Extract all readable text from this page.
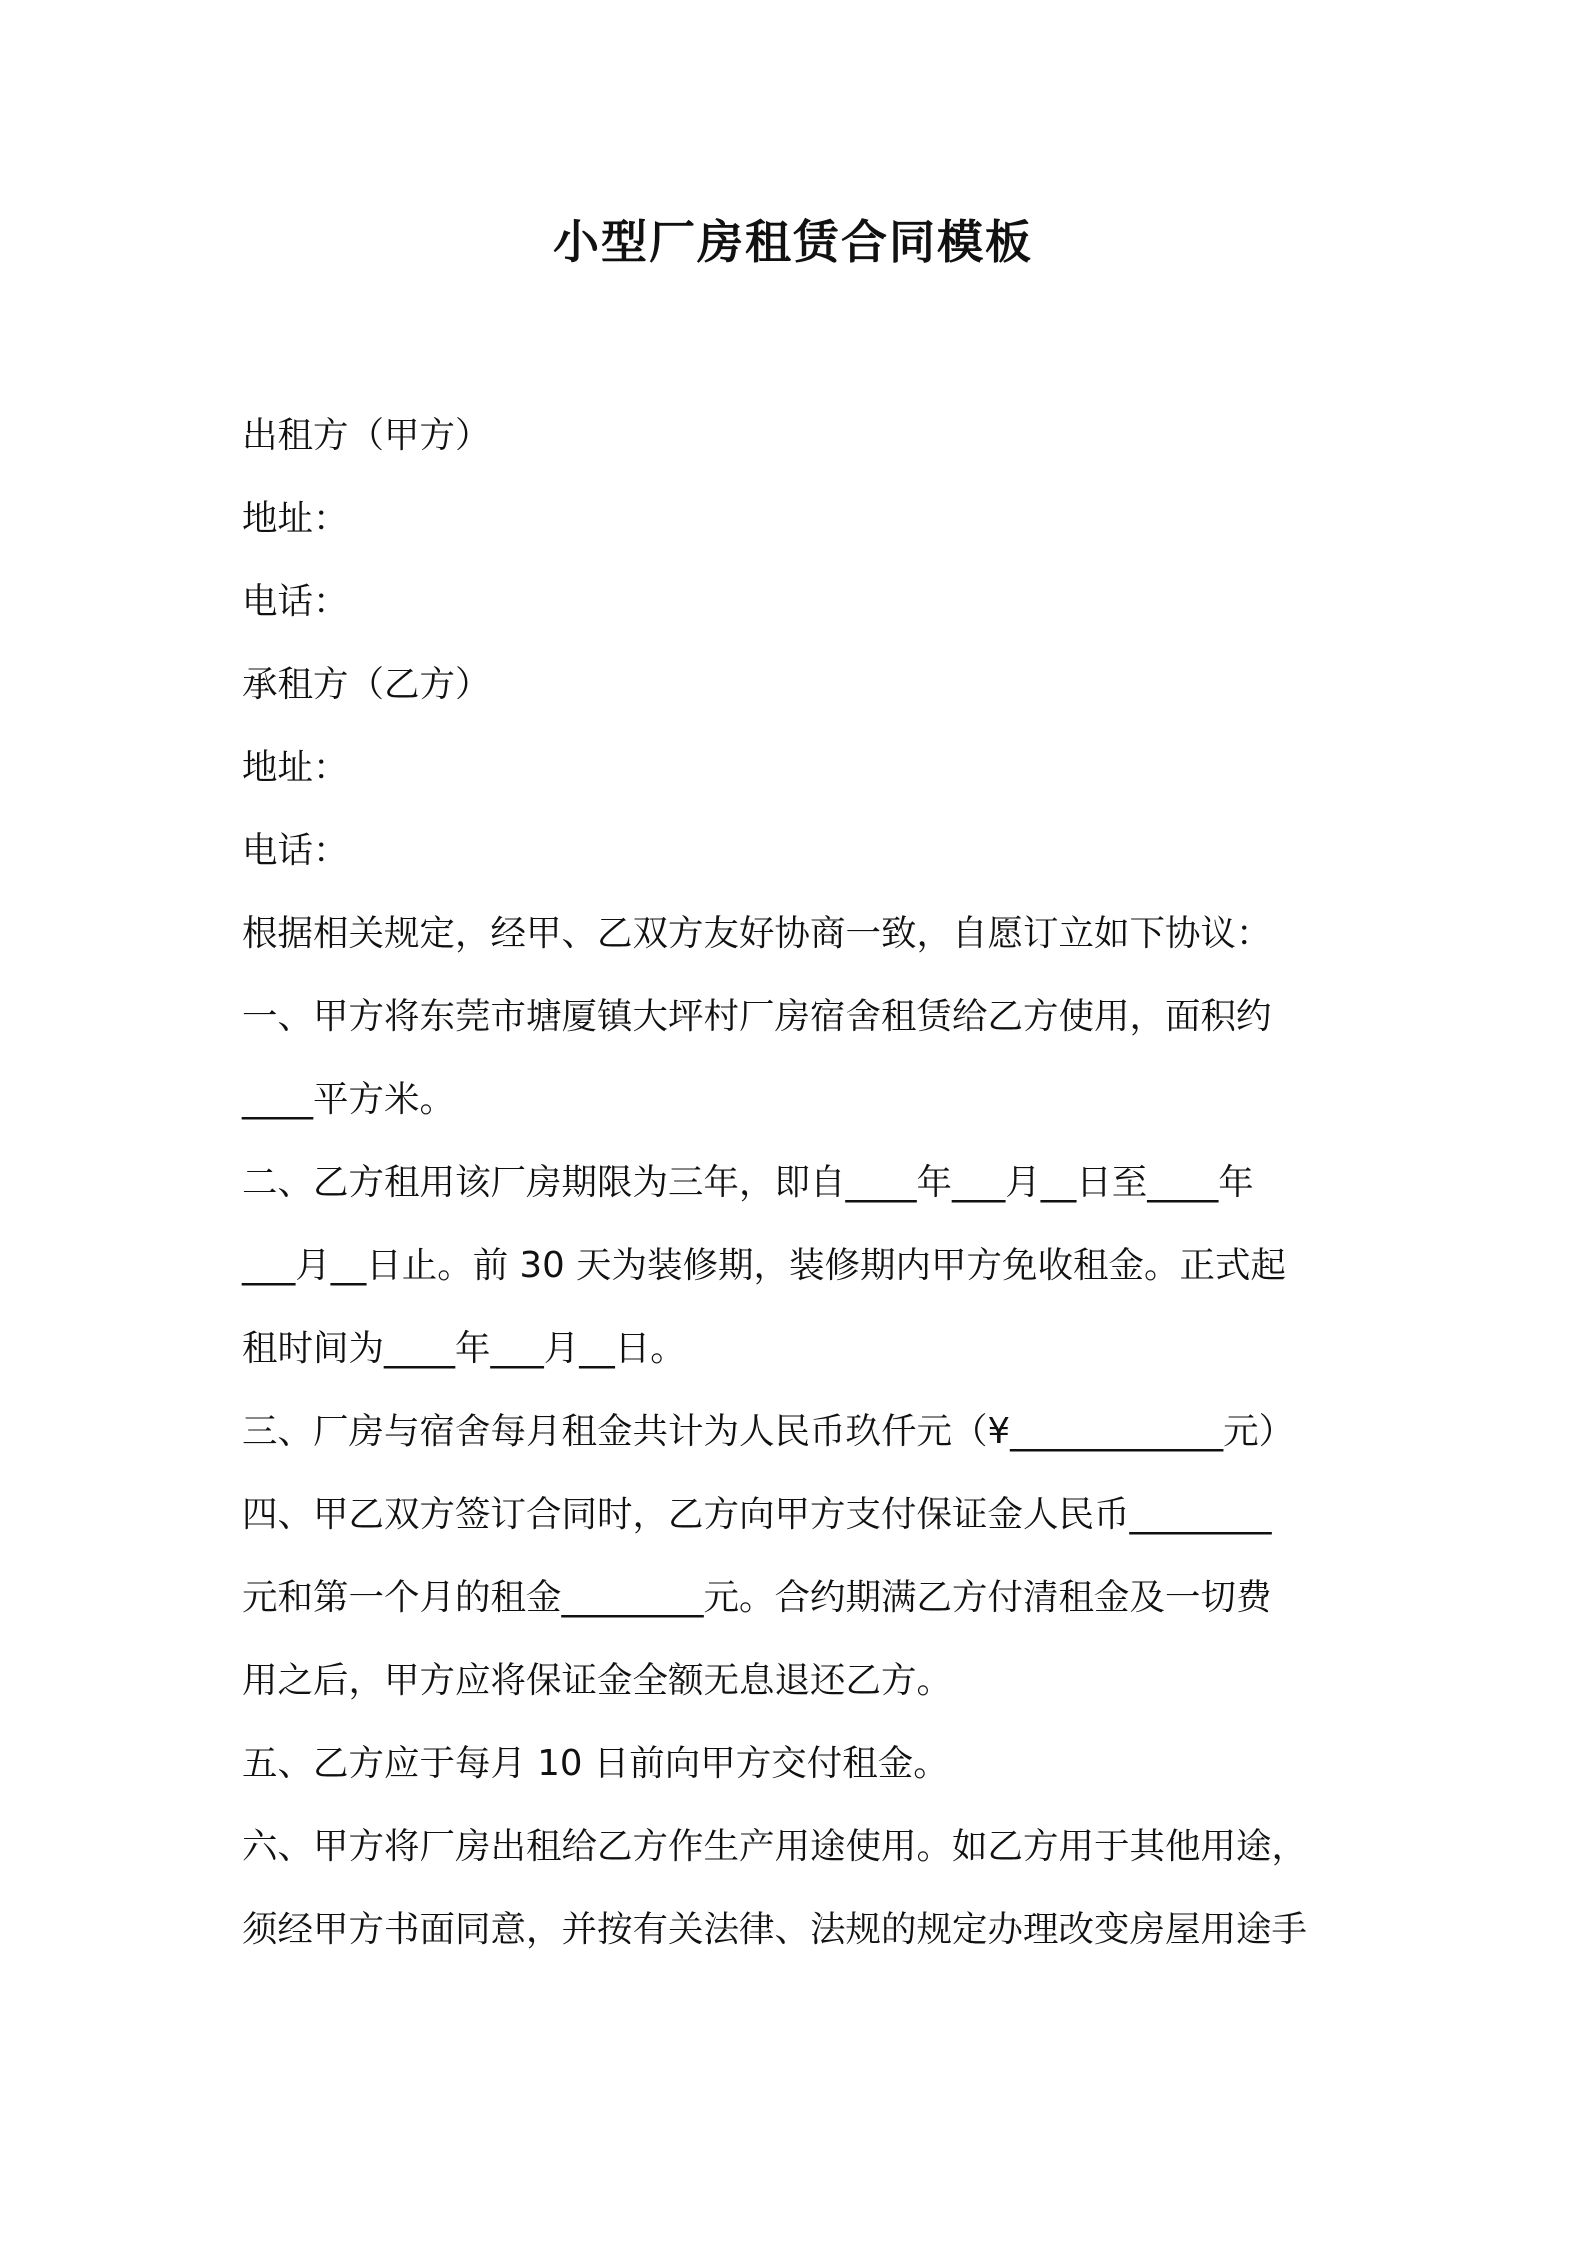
小型厂房租赁合同模板

出租方（甲方）

地址：

电话：

承租方（乙方）

地址：

电话：

根据相关规定，经甲、乙双方友好协商一致，自愿订立如下协议：

一、甲方将东莞市塘厦镇大坪村厂房宿舍租赁给乙方使用，面积约

____平方米。

二、乙方租用该厂房期限为三年，即自____年___月__日至____年

___月__日止。前 30 天为装修期，装修期内甲方免收租金。正式起

租时间为____年___月__日。

三、厂房与宿舍每月租金共计为人民币玖仟元（¥____________元）

四、甲乙双方签订合同时，乙方向甲方支付保证金人民币________

元和第一个月的租金________元。合约期满乙方付清租金及一切费

用之后，甲方应将保证金全额无息退还乙方。

五、乙方应于每月 10 日前向甲方交付租金。

六、甲方将厂房出租给乙方作生产用途使用。如乙方用于其他用途，

须经甲方书面同意，并按有关法律、法规的规定办理改变房屋用途手
